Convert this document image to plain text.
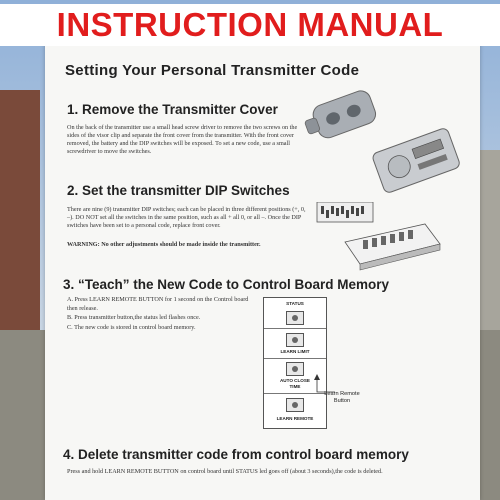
INSTRUCTION MANUAL
Setting Your Personal Transmitter Code
1. Remove the Transmitter Cover
On the back of the transmitter use a small head screw driver to remove the two screws on the sides of the visor clip and separate the front cover from the transmitter. With the front cover removed, the battery and the DIP switches will be exposed. To set a new code, use a small screwdriver to move the switches.
2. Set the transmitter DIP Switches
There are nine (9) transmitter DIP switches; each can be placed in three different positions (+, 0, –). DO NOT set all the switches in the same position, such as all + all 0, or all –. Once the DIP switches have been set to a personal code, replace front cover.
WARNING: No other adjustments should be made inside the transmitter.
3. “Teach” the New Code to Control Board Memory
A. Press LEARN REMOTE BUTTON for 1 second on the Control board then release.
B. Press transmitter button,the status led flashes once.
C. The new code is stored in control board memory.
STATUS
LEARN LIMIT
AUTO CLOSE
TIME
LEARN REMOTE
Learn Remote Button
4. Delete transmitter code from control board memory
Press and hold LEARN REMOTE BUTTON on control board until STATUS led goes off (about 3 seconds),the code is deleted.
